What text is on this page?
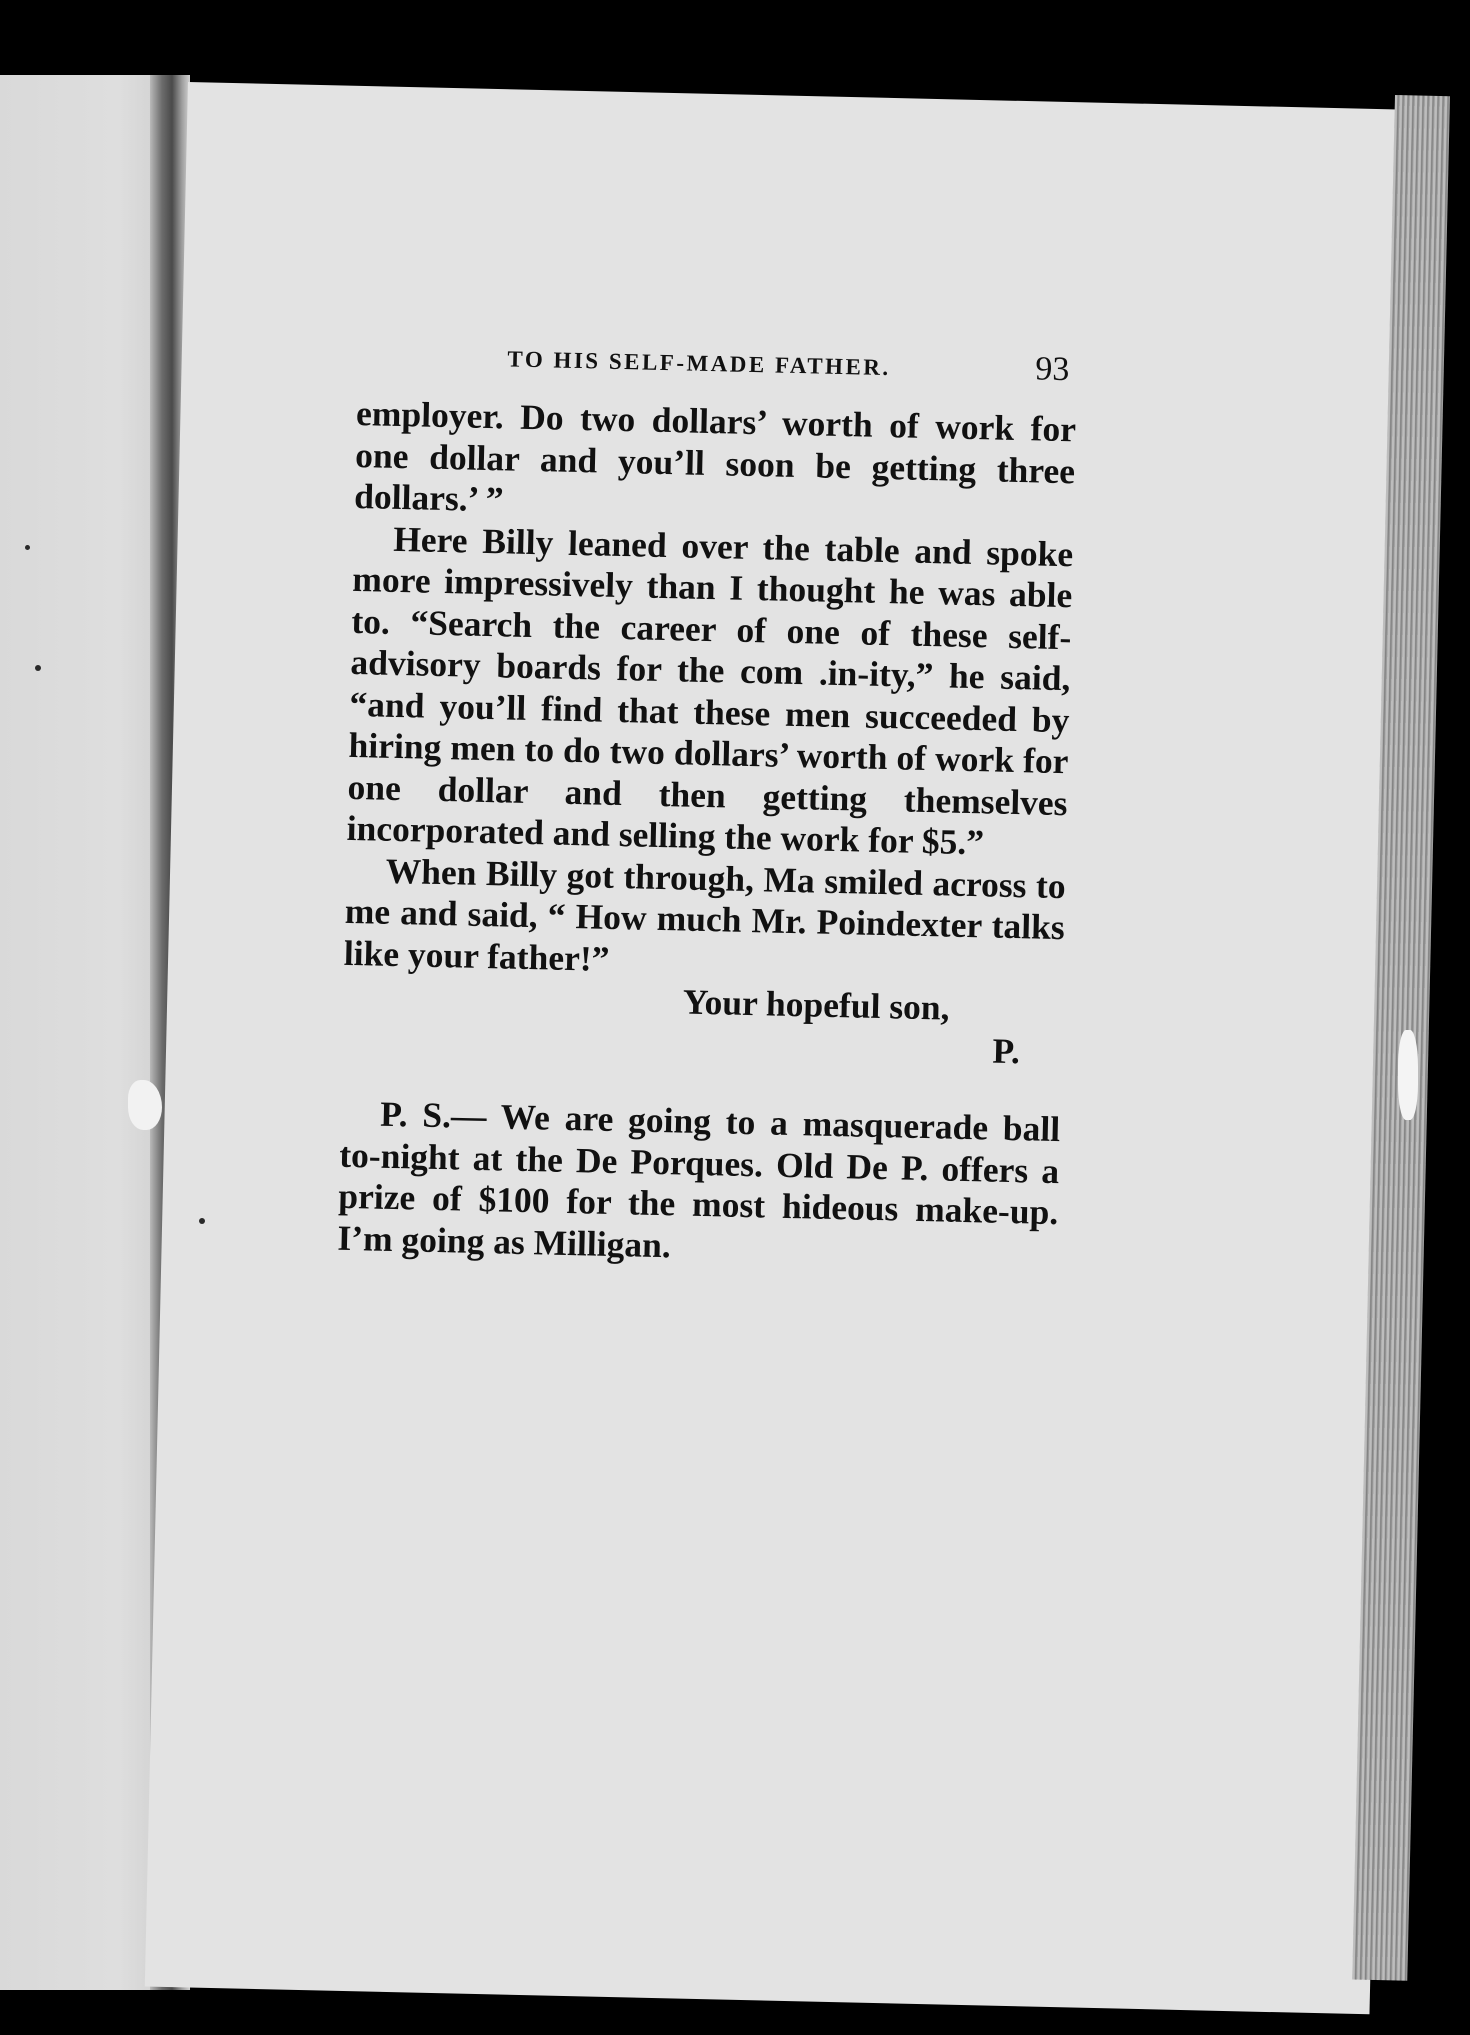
TO HIS SELF-MADE FATHER.	93

employer. Do two dollars’ worth of work for one dollar and you’ll soon be getting three dollars.’ ”

Here Billy leaned over the table and spoke more impressively than I thought he was able to. “Search the career of one of these self-advisory boards for the com .in-ity,” he said, “and you’ll find that these men succeeded by hiring men to do two dollars’ worth of work for one dollar and then getting themselves incorporated and selling the work for $5.”

When Billy got through, Ma smiled across to me and said, “ How much Mr. Poindexter talks like your father!”

Your hopeful son,

P.

P. S.— We are going to a masquerade ball to-night at the De Porques. Old De P. offers a prize of $100 for the most hideous make-up. I’m going as Milligan.
